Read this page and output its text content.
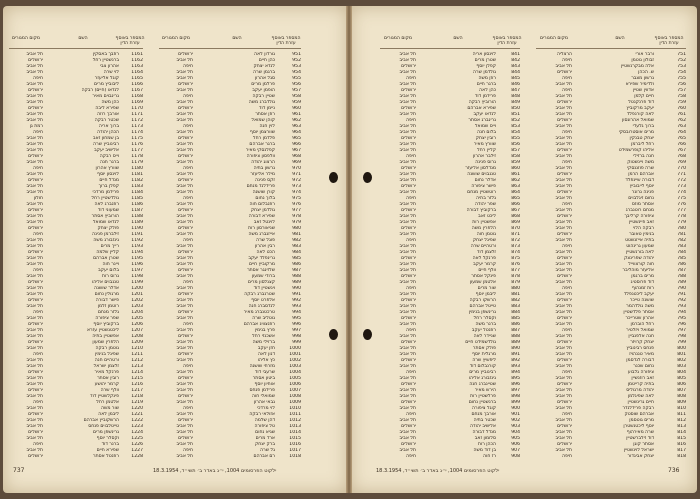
מקום המגורים	השם	המספר באוסף עזרת הדין
מקום המגורים	השם	המספר באוסף עזרת הדין
תל אביב	רוזבך באסקין	1161
ירושלים	ברנשטיין רחל	1162
תל אביב	אהרון צבי	1163
תל אביב	לוי שרה	1164
חיפה	קוגל אליעזר	1165
תל אביב	ליבוביץ מרים	1166
ירושלים	לנדאו (חיים) רבקה	1167
תל אביב	גרינבוים מאיר	1168
תל אביב	כהן משה	1169
ירושלים	שפירא ליבה	1170
תל אביב	אורבך רוזה	1171
תל אביב	שכטר רבקה	1172
רמת גן	ברוך אריה	1173
חיפה	הכהן יהודה	1174
תל אביב	בן שמחון זאב	1175
תל אביב	רבינוביץ שרה	1176
תל אביב	אלישיב יעקב	1177
ירושלים	וייס רבקה	1178
תל אביב	ברגר חנה	1179
חיפה	שוורץ אהרון	1180
תל אביב	לוינסון יוסף	1181
ירושלים	מנדל חיים	1182
תל אביב	קפלן ברוך	1183
תל אביב	פרידמן מרדכי	1184
חולון	גולדשטיין רחל	1185
תל אביב	רוזנברג לאה	1186
ירושלים	שמעוני דוד	1187
תל אביב	הורוביץ אסתר	1188
תל אביב	לנדאו שמואל	1189
ירושלים	פולק יצחק	1190
חיפה	זילברמן פנינה	1191
תל אביב	גינזבורג משה	1192
תל אביב	רייך מרים	1193
ירושלים	קליין שלמה	1194
תל אביב	שטרן אברהם	1195
תל אביב	ויינר חוה	1196
חיפה	בלום יעקב	1197
תל אביב	גרוס רות	1198
ירושלים	טננבוים אליהו	1199
תל אביב	אדלר שושנה	1200
תל אביב	מרגולין נחום	1201
ירושלים	פישר דבורה	1202
תל אביב	רוטמן זלמן	1203
חיפה	גלזר מנחם	1204
תל אביב	שפר ציפורה	1205
ירושלים	ברקוביץ יוסף	1206
תל אביב	ליכטנשטיין עזרא	1207
תל אביב	אפשטיין בתיה	1208
ירושלים	הלפרין שמעון	1209
תל אביב	גוטמן רבקה	1210
חיפה	שפיגל בנימין	1211
תל אביב	ורטהיים חנה	1212
תל אביב	זלצמן ישראל	1213
ירושלים	פרנקל מאיר	1214
תל אביב	רובין אסתר	1215
תל אביב	קרמר יהושע	1216
ירושלים	וולף שרה	1217
תל אביב	פינקלשטיין דוד	1218
חיפה	אלטמן רחל	1219
תל אביב	שור משה	1220
ירושלים	ליבמן לאה	1221
תל אביב	הרשקוביץ אברהם	1222
תל אביב	טייטלבוים פנחס	1223
ירושלים	גרינשפן מרים	1224
תל אביב	וקסלר יוסף	1225
חיפה	ברנר דוד	1226
תל אביב	שפירא חיים	1227
ירושלים	רוזנטל אסתר	1228
ירושלים	גורדון לאה	951
תל אביב	כהן חיים	952
חיפה	לנדא יצחק	953
תל אביב	ברגמן שרה	954
תל אביב	סגל אהרון	955
ירושלים	פרלמן מרים	956
תל אביב	הופמן יעקב	957
חיפה	שטיין רבקה	958
תל אביב	גולדברג משה	959
ירושלים	ניימן דוד	960
תל אביב	רוזן אסתר	961
תל אביב	קוהן שמואל	962
חיפה	לוין חנה	963
תל אביב	שוורצמן יוסף	964
ירושלים	פלדמן רחל	965
תל אביב	ברגר אברהם	966
תל אביב	קפלנסקי מאיר	967
ירושלים	וולפסון ציפורה	968
תל אביב	הרצוג יהודה	969
חיפה	גרשון בתיה	970
תל אביב	מילר אליעזר	971
ירושלים	זקס פנינה	972
תל אביב	פרידלנד מנחם	973
תל אביב	קורן שושנה	974
חיפה	בלוך נחום	975
תל אביב	רוזנבלום חוה	976
ירושלים	גולדמן יצחק	977
תל אביב	שפירא דבורה	978
תל אביב	לוינטל זאב	979
ירושלים	שניאורסון רות	980
תל אביב	אייזנברג משה	981
חיפה	פוגל שרה	982
תל אביב	רבין אהרון	983
ירושלים	הכט לאה	984
תל אביב	גרינפלד יעקב	985
תל אביב	מרקוביץ חיים	986
ירושלים	שלזינגר אסתר	987
תל אביב	ברודי שמעון	988
חיפה	קצנלסון מרים	989
תל אביב	וינשטיין דוד	990
ירושלים	שטרנברג רבקה	991
תל אביב	אלפרט יוסף	992
תל אביב	לנדסברג חנה	993
ירושלים	טרכטנברג מאיר	994
תל אביב	גוטליב שרה	995
חיפה	רוזנצוויג אברהם	996
תל אביב	פרץ בנימין	997
ירושלים	אשכנזי רחל	998
תל אביב	ברזילי משה	999
תל אביב	חזן יעקב	1000
ירושלים	דנון לאה	1001
תל אביב	כץ אליהו	1002
חיפה	מזרחי שושנה	1003
תל אביב	שרעבי דוד	1004
ירושלים	ביטון אסתר	1005
תל אביב	אוחיון יוסף	1006
תל אביב	פרידמן פנחס	1007
ירושלים	שמואלי חוה	1008
תל אביב	גבאי אהרון	1009
חיפה	לוי מרדכי	1010
תל אביב	אזולאי רבקה	1011
ירושלים	דהן שלמה	1012
תל אביב	טל ציפורה	1013
תל אביב	שגיא נחום	1014
ירושלים	ארד מרים	1015
תל אביב	ברק יצחק	1016
חיפה	גל שרה	1017
תל אביב	רם אברהם	1018
737	ילקוט הפרסומים 1004, י״ג באדר ב׳ תשי״ד, 18.3.1954
מקום המגורים	השם	המספר באוסף עזרת הדין
מקום המגורים	השם	המספר באוסף עזרת הדין
תל אביב	לוינסון אריה	841
תל אביב	שטרן מרים	842
ירושלים	קפלן יוסף	843
תל אביב	גולדמן שרה	844
חיפה	רוזן משה	845
תל אביב	ברגר חיים	846
ירושלים	כהן לאה	847
תל אביב	פרידמן דוד	848
תל אביב	הורוביץ רבקה	849
ירושלים	שפירא אברהם	850
תל אביב	לנדאו יעקב	851
חיפה	גרינברג אסתר	852
תל אביב	וייס שמואל	853
תל אביב	בלום חנה	854
ירושלים	רובין יצחק	855
תל אביב	שוורץ מאיר	856
תל אביב	קליין רחל	857
חיפה	זילבר אהרון	858
תל אביב	גרוס פנינה	859
ירושלים	מנדלסון אליעזר	860
תל אביב	טננבוים שושנה	861
תל אביב	אדלר נחום	862
ירושלים	פישר ציפורה	863
תל אביב	רוטשטיין מנחם	864
חיפה	גלזר בתיה	865
תל אביב	שפר יהודה	866
ירושלים	ברקוביץ דבורה	867
תל אביב	ליכט זאב	868
תל אביב	אפשטיין רות	869
ירושלים	הלפרין משה	870
תל אביב	גוטמן חוה	871
חיפה	שפיגל יצחק	872
תל אביב	ורטהיים שרה	873
תל אביב	זלצמן דוד	874
ירושלים	פרנקל לאה	875
תל אביב	קרמר יעקב	876
תל אביב	וולף חיים	877
ירושלים	פינקל אסתר	878
תל אביב	אלטמן שמעון	879
חיפה	שור מרים	880
תל אביב	ליבמן יוסף	881
ירושלים	הרשקו רבקה	882
תל אביב	טייטל אברהם	883
תל אביב	גרינשפן בנימין	884
ירושלים	וקסלר רחל	885
תל אביב	ברנר משה	886
חיפה	רוזנטל יעקב	887
תל אביב	שניידר לאה	888
ירושלים	גולדשמידט חיים	889
תל אביב	פולק אסתר	890
תל אביב	מרגלית יוסף	891
ירושלים	ליפשיץ שרה	892
תל אביב	קורנבלום דוד	893
חיפה	רבינוביץ מרים	894
תל אביב	גינזבורג אליהו	895
ירושלים	שטיינברג חנה	896
תל אביב	הירש מאיר	897
תל אביב	פרלשטיין רות	898
ירושלים	ברנשטיין נחום	899
תל אביב	קוגל ציפורה	900
חיפה	אורבך מנחם	901
תל אביב	שכטר בתיה	902
ירושלים	אלישיב יהודה	903
תל אביב	מנדל דבורה	904
תל אביב	סלומון זאב	905
ירושלים	הכהן רות	906
תל אביב	בן דוד משה	907
חיפה	רז חוה	908
הרצליה	ורבר אורי	751
חיפה	זבולון גוטמן	752
תל אביב	אלה מבקרנשטיין	753
ירושלים	ש. הכהן	754
חיפה	גרשון מצבר	755
תל אביב	ולדימיר שפירא	756
חיפה	אדווין שטיין	757
תל אביב	חיים קלמן	758
ירושלים	דוד פרנקנטל	759
תל אביב	יעקב מרקוביץ	760
תל אביב	לאה קורנפלד	761
ירושלים	שמואל אהרונסון	762
תל אביב	ברוך גלעדי	763
חיפה	מרים אוסטרובסקי	764
תל אביב	יצחק טבנקין	765
תל אביב	רחל ליברמן	766
ירושלים	אליהו קופרשמידט	767
תל אביב	חנה ברזילי	768
חיפה	משה ויינשטוק	769
תל אביב	שרה פוזננסקי	770
ירושלים	אברהם הרמן	771
תל אביב	דבורה שיינפלד	772
תל אביב	יוסף לייבוביץ	773
ירושלים	פנינה גרונר	774
תל אביב	נחום זיגלבוים	775
חיפה	אסתר מוזס	776
תל אביב	מנחם רוטנברג	777
ירושלים	ציפורה קרליבך	778
תל אביב	זאב פיינשטיין	779
תל אביב	רבקה הלוי	780
ירושלים	בנימין טאובר	781
תל אביב	בתיה אייזנשטט	782
חיפה	שמעון גרינהוט	783
תל אביב	לאה בורנשטיין	784
ירושלים	יהודה שפרינצק	785
תל אביב	חוה קורצווייל	786
תל אביב	אליעזר מוהליבר	787
ירושלים	מרים ברגמן	788
תל אביב	דוד פרוסטיג	789
חיפה	רות זמנהוף	790
תל אביב	יעקב ליכטנפלד	791
ירושלים	שושנה טייכר	792
תל אביב	משה גולדהמר	793
תל אביב	אסתר פלדשטיין	794
ירושלים	אהרון שטרייכר	795
תל אביב	רחל הוברמן	796
חיפה	שמואל ויזלטיר	797
תל אביב	חנה אלפנביין	798
ירושלים	יצחק קרויזר	799
תל אביב	פנחס רבינוביץ	800
תל אביב	מאיר טננהויז	801
ירושלים	דבורה לנדסמן	802
תל אביב	נחום שכנר	803
חיפה	ציפורה גלבוע	804
תל אביב	זאב רוזנשיין	805
ירושלים	בתיה קרייטמן	806
תל אביב	יהודה מרגוליס	807
תל אביב	לאה שפיגלמן	808
ירושלים	חיים גרינשטיין	809
תל אביב	רבקה פרידלנדר	810
חיפה	אברהם שוסטק	811
תל אביב	מרים גוטסמן	812
ירושלים	יוסף ליכטנשטרן	813
תל אביב	שרה מאירהוף	814
תל אביב	דוד זילברשטיין	815
ירושלים	אסתר קוגן	816
תל אביב	ישראל לוינשטיין	817
חיפה	יצחק אביגדור	818
736
ילקוט הפרסומים 1004, י״ג באדר ב׳ תשי״ד, 18.3.1954
